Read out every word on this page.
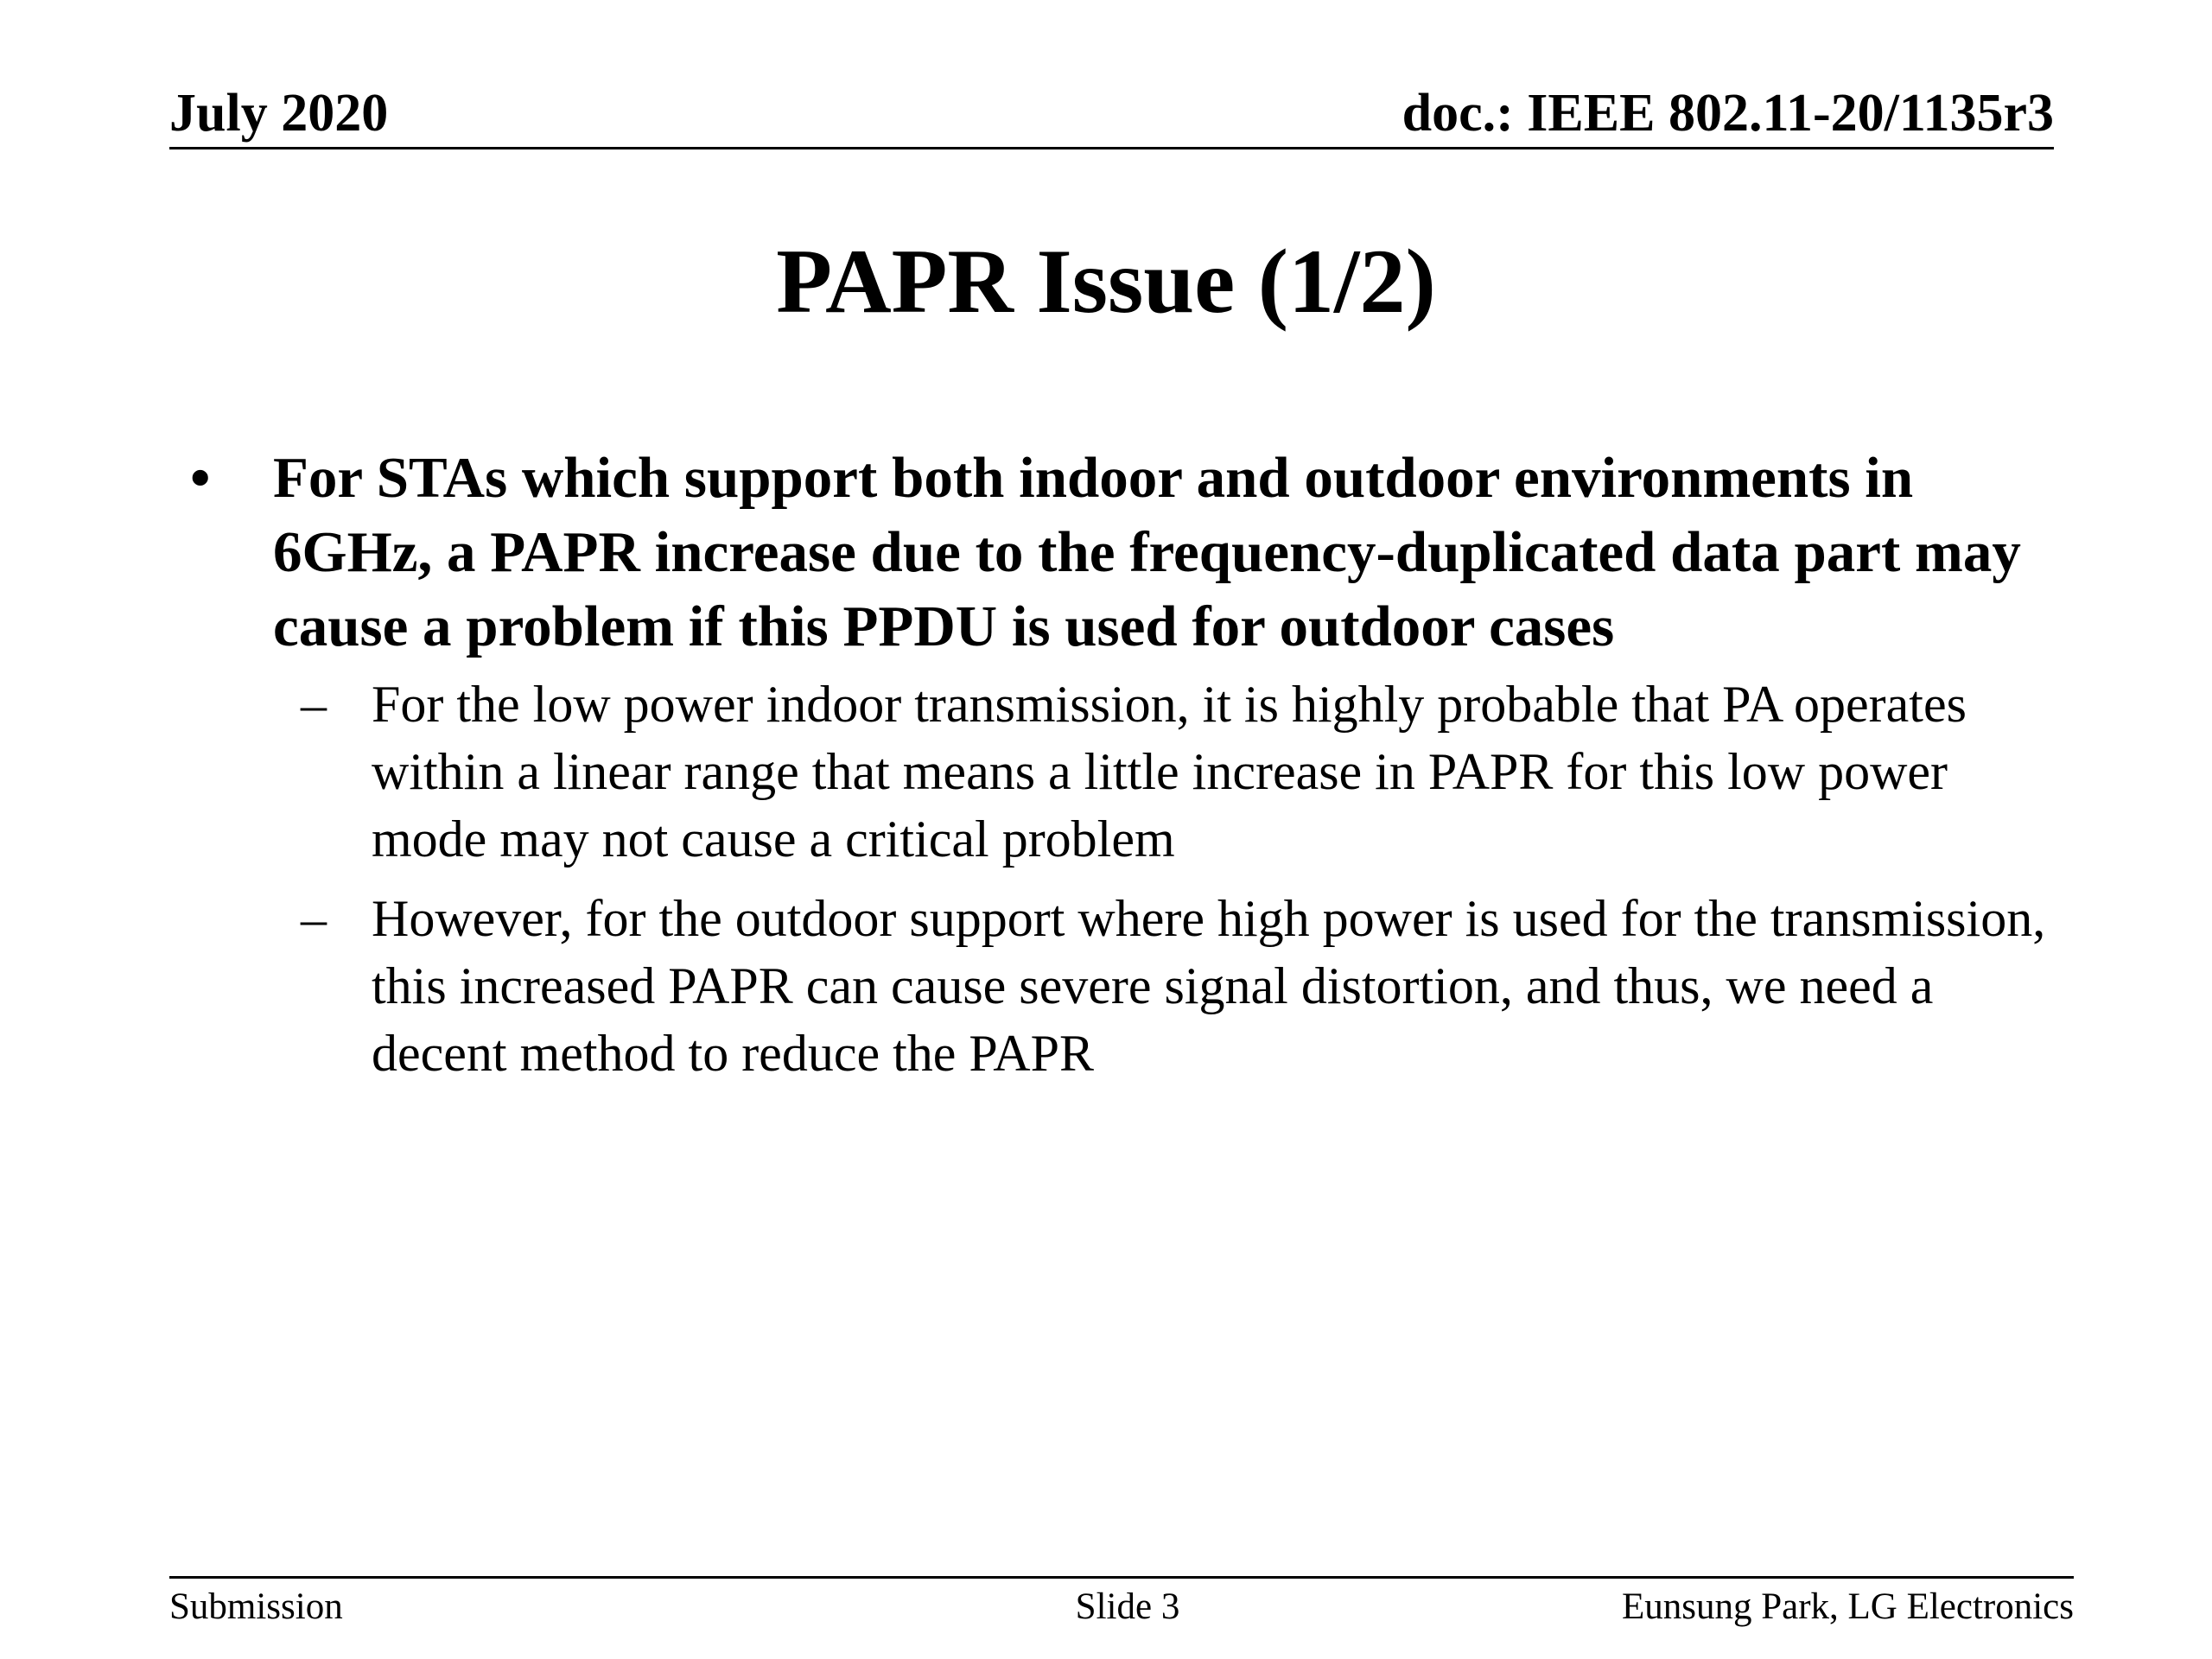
July 2020	doc.: IEEE 802.11-20/1135r3
PAPR Issue (1/2)
• For STAs which support both indoor and outdoor environments in 6GHz, a PAPR increase due to the frequency-duplicated data part may cause a problem if this PPDU is used for outdoor cases
– For the low power indoor transmission, it is highly probable that PA operates within a linear range that means a little increase in PAPR for this low power mode may not cause a critical problem
– However, for the outdoor support where high power is used for the transmission, this increased PAPR can cause severe signal distortion, and thus, we need a decent method to reduce the PAPR
Submission	Slide 3	Eunsung Park, LG Electronics
